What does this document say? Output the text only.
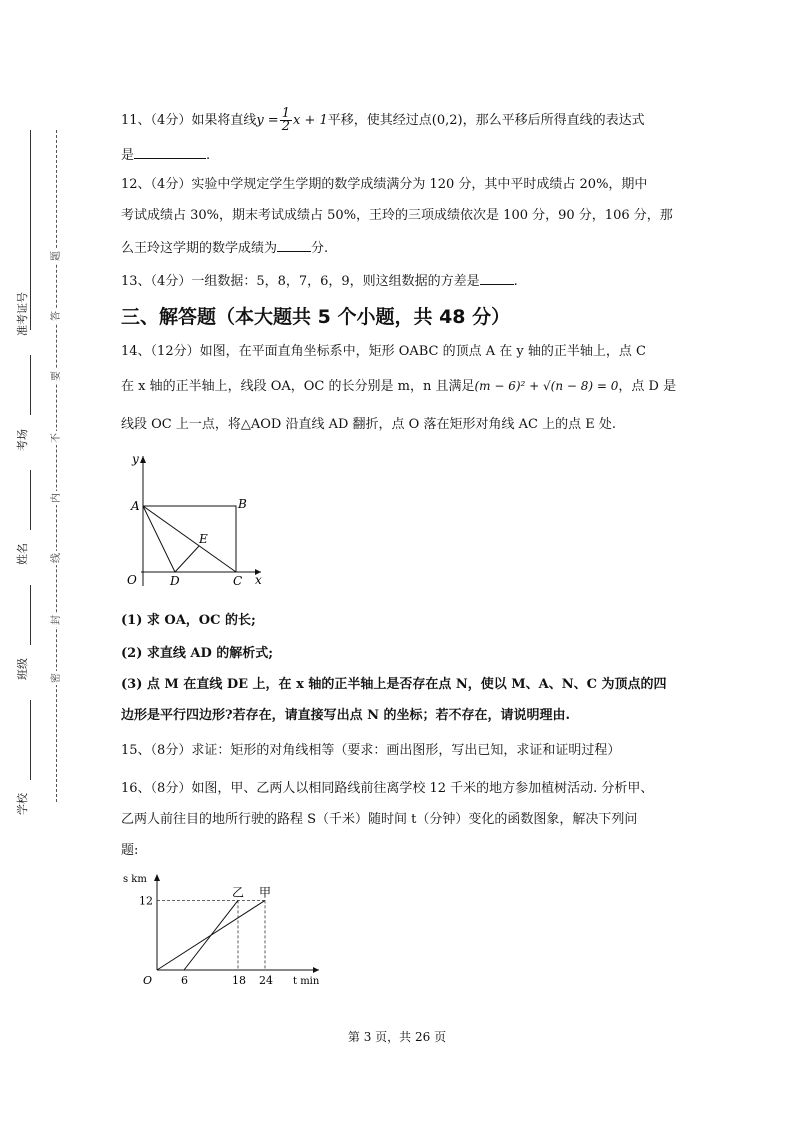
准考证号
考场
姓名
班级
学校
题
答
要
不
内
线
封
密
11、（4分）如果将直线$y = \frac{1}{2}$ x + 1平移，使其经过点(0,2)，那么平移后所得直线的表达式
是	.
12、（4分）实验中学规定学生学期的数学成绩满分为 120 分，其中平时成绩占 20%，期中
考试成绩占 30%，期末考试成绩占 50%，王玲的三项成绩依次是 100 分，90 分，106 分，那
么王玲这学期的数学成绩为	分.
13、（4分）一组数据：5，8，7，6，9，则这组数据的方差是	.
三、解答题（本大题共 5 个小题，共 48 分）
14、（12分）如图，在平面直角坐标系中，矩形 OABC 的顶点 A 在 y 轴的正半轴上，点 C
在 x 轴的正半轴上，线段 OA，OC 的长分别是 m，n 且满足(m − 6)² + √(n − 8) = 0，点 D 是
线段 OC 上一点，将△AOD 沿直线 AD 翻折，点 O 落在矩形对角线 AC 上的点 E 处.
y
x
A	B
E
O	D	C
(1) 求 OA，OC 的长;
(2) 求直线 AD 的解析式;
(3) 点 M 在直线 DE 上，在 x 轴的正半轴上是否存在点 N，使以 M、A、N、C 为顶点的四
边形是平行四边形?若存在，请直接写出点 N 的坐标；若不存在，请说明理由.
15、（8分）求证：矩形的对角线相等（要求：画出图形，写出已知，求证和证明过程）
16、（8分）如图，甲、乙两人以相同路线前往离学校 12 千米的地方参加植树活动. 分析甲、
乙两人前往目的地所行驶的路程 S（千米）随时间 t（分钟）变化的函数图象，解决下列问
题:
s km
t min
O
甲
乙
12
6	18 24
第 3 页，共 26 页
